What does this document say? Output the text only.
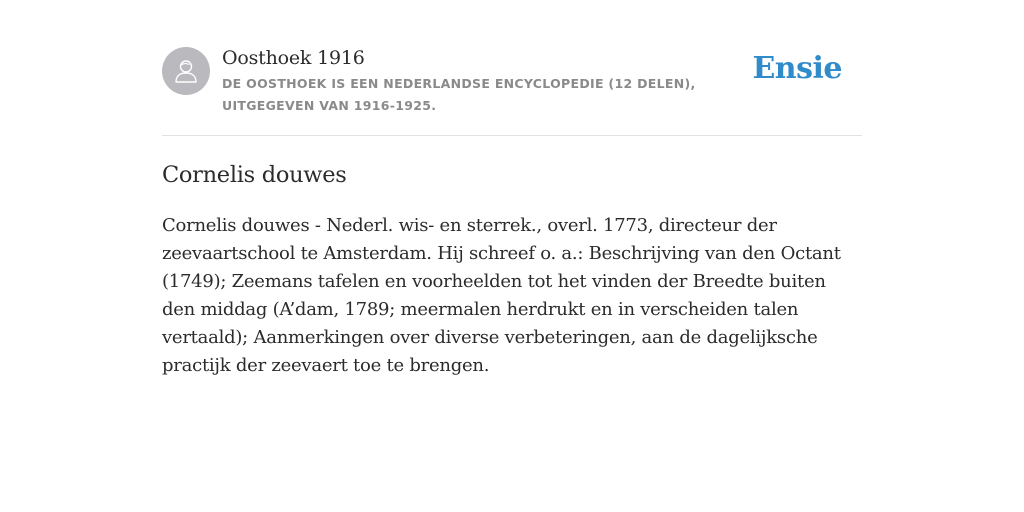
Oosthoek 1916
DE OOSTHOEK IS EEN NEDERLANDSE ENCYCLOPEDIE (12 DELEN), UITGEGEVEN VAN 1916-1925.
Ensie
Cornelis douwes
Cornelis douwes - Nederl. wis- en sterrek., overl. 1773, directeur der zeevaartschool te Amsterdam. Hij schreef o. a.: Beschrijving van den Octant (1749); Zeemans tafelen en voorheelden tot het vinden der Breedte buiten den middag (A’dam, 1789; meermalen herdrukt en in verscheiden talen vertaald); Aanmerkingen over diverse verbeteringen, aan de dagelijksche practijk der zeevaert toe te brengen.
